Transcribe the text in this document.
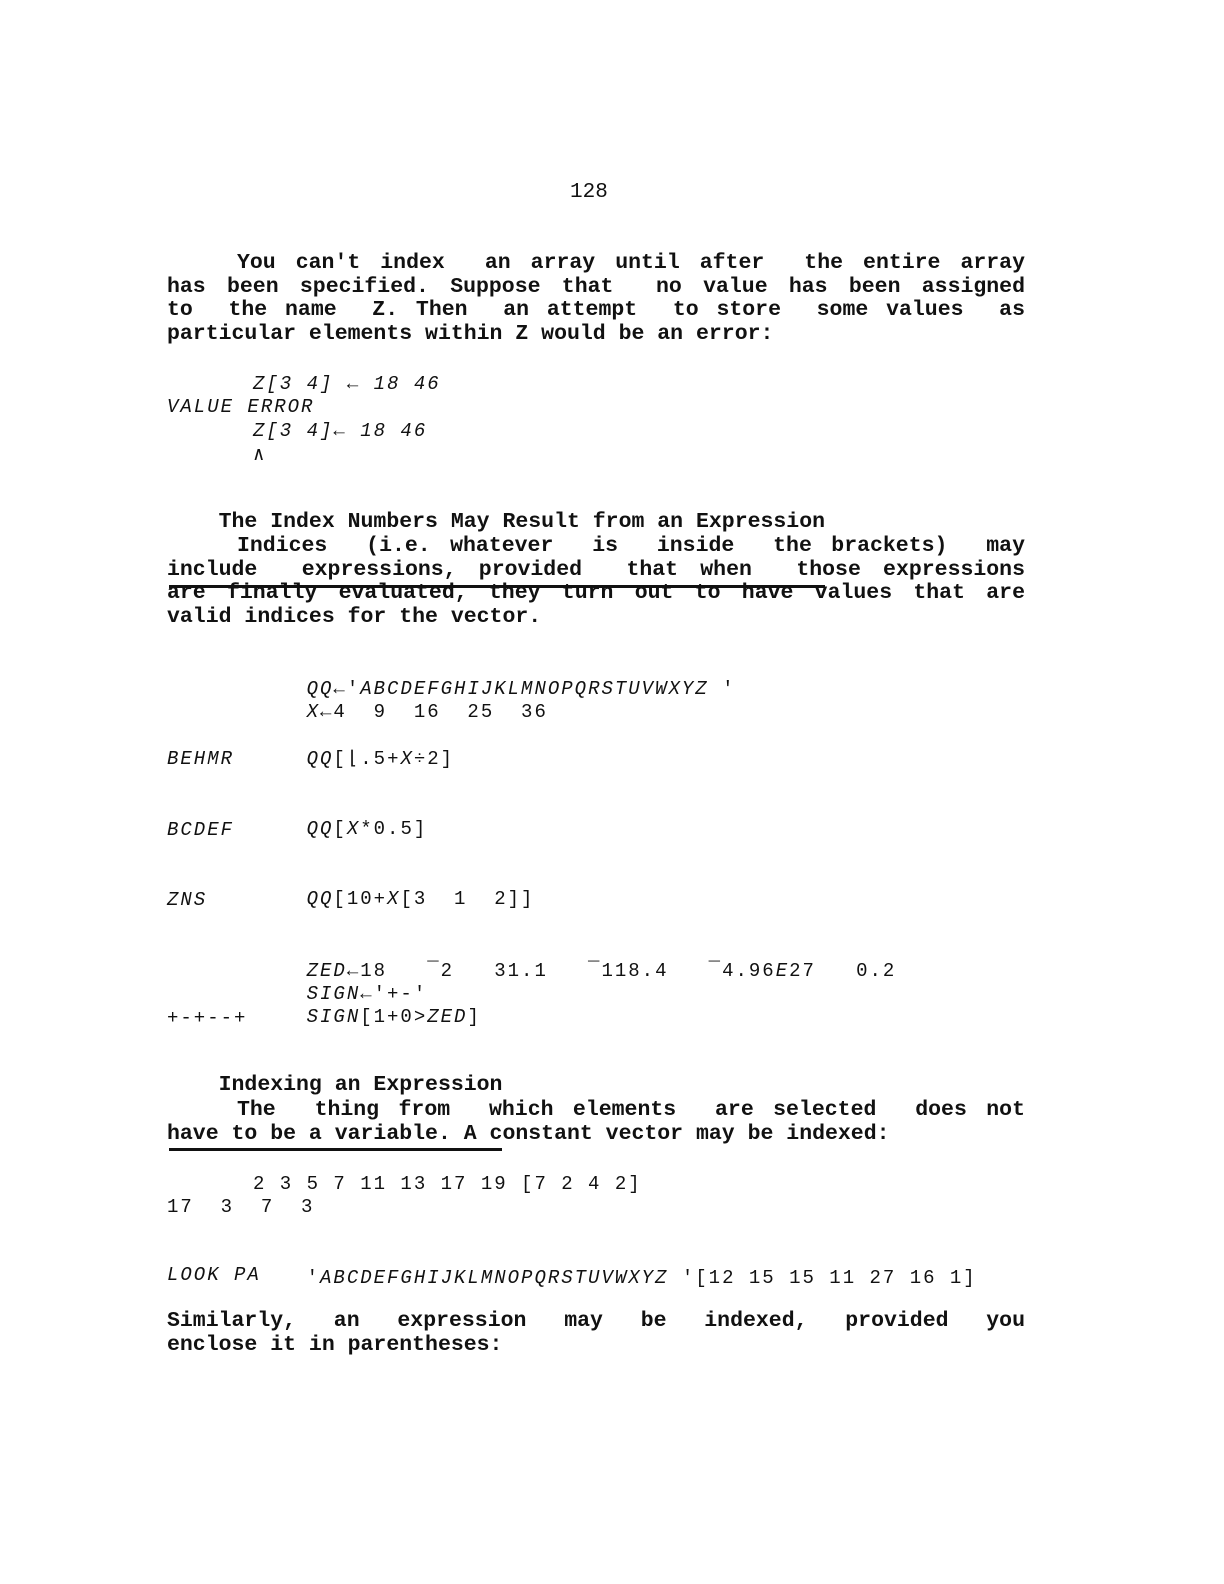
128
You can't index  an array until after  the entire array
has been specified. Suppose that  no value has been assigned
to  the name  Z. Then  an attempt  to store  some values  as
particular elements within Z would be an error:
Z[3 4] ← 18 46
VALUE ERROR
Z[3 4]← 18 46
∧

The Index Numbers May Result from an Expression

Indices  (i.e. whatever  is  inside  the brackets)  may
include  expressions, provided  that when  those expressions
are finally evaluated, they turn out to have values that are
valid indices for the vector.

QQ←'ABCDEFGHIJKLMNOPQRSTUVWXYZ '

X←4  9  16  25  36

QQ[⌊.5+X÷2]

BEHMR

QQ[X*0.5]

BCDEF

QQ[10+X[3  1  2]]

ZNS

ZED←18   ¯2   31.1   ¯118.4   ¯4.96E27   0.2

SIGN←'+-'

SIGN[1+0>ZED]

+-+--+

Indexing an Expression

The  thing from  which elements  are selected  does not
have to be a variable. A constant vector may be indexed:
2 3 5 7 11 13 17 19 [7 2 4 2]
17  3  7  3

'ABCDEFGHIJKLMNOPQRSTUVWXYZ '[12 15 15 11 27 16 1]

LOOK PA
Similarly,  an  expression  may  be  indexed,  provided  you
enclose it in parentheses:
